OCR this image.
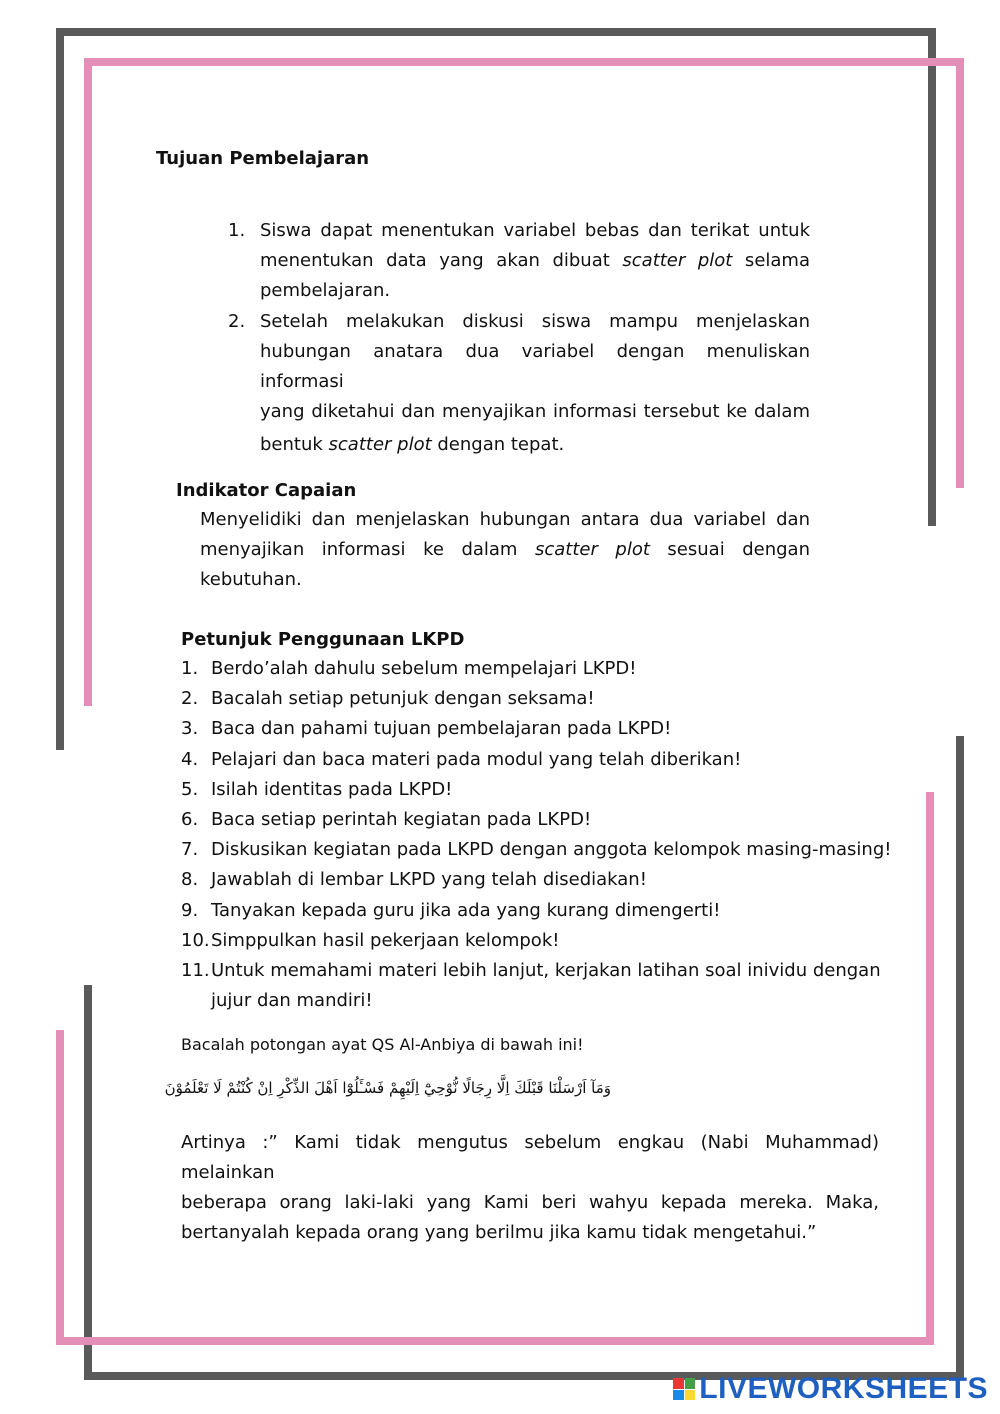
Tujuan Pembelajaran
1. Siswa dapat menentukan variabel bebas dan terikat untuk
menentukan data yang akan dibuat scatter plot selama
pembelajaran.
2. Setelah melakukan diskusi siswa mampu menjelaskan
hubungan anatara dua variabel dengan menuliskan informasi
yang diketahui dan menyajikan informasi tersebut ke dalam
bentuk scatter plot dengan tepat.
Indikator Capaian
Menyelidiki dan menjelaskan hubungan antara dua variabel dan
menyajikan informasi ke dalam scatter plot sesuai dengan
kebutuhan.
Petunjuk Penggunaan LKPD
1. Berdo’alah dahulu sebelum mempelajari LKPD!
2. Bacalah setiap petunjuk dengan seksama!
3. Baca dan pahami tujuan pembelajaran pada LKPD!
4. Pelajari dan baca materi pada modul yang telah diberikan!
5. Isilah identitas pada LKPD!
6. Baca setiap perintah kegiatan pada LKPD!
7. Diskusikan kegiatan pada LKPD dengan anggota kelompok masing-masing!
8. Jawablah di lembar LKPD yang telah disediakan!
9. Tanyakan kepada guru jika ada yang kurang dimengerti!
10. Simppulkan hasil pekerjaan kelompok!
11. Untuk memahami materi lebih lanjut, kerjakan latihan soal inividu dengan
jujur dan mandiri!
Bacalah potongan ayat QS Al-Anbiya di bawah ini!
وَمَآ اَرْسَلْنَا قَبْلَكَ اِلَّا رِجَالًا نُّوْحِيْٓ اِلَيْهِمْ فَسْـَٔلُوْٓا اَهْلَ الذِّكْرِ اِنْ كُنْتُمْ لَا تَعْلَمُوْنَ
Artinya :” Kami tidak mengutus sebelum engkau (Nabi Muhammad) melainkan
beberapa orang laki-laki yang Kami beri wahyu kepada mereka. Maka,
bertanyalah kepada orang yang berilmu jika kamu tidak mengetahui.”
LIVEWORKSHEETS
